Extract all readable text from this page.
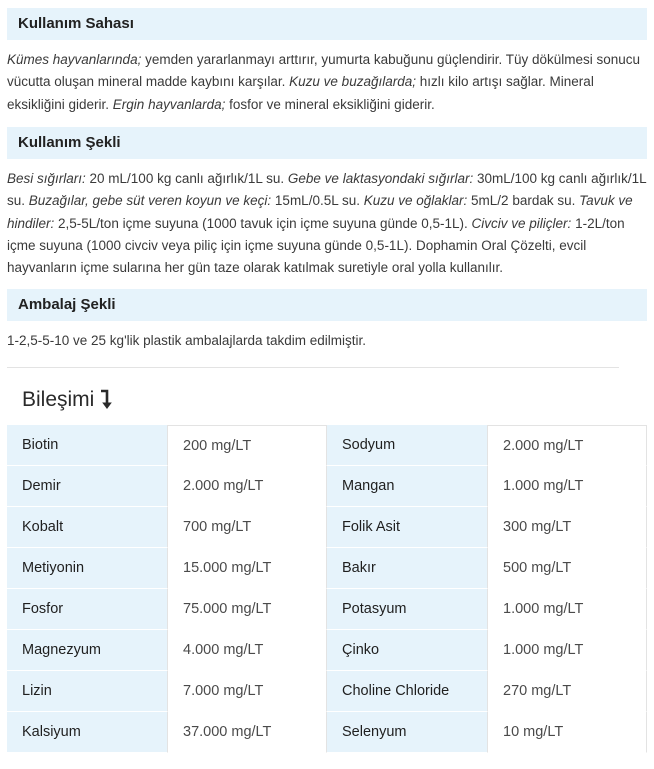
Kullanım Sahası

Kümes hayvanlarında; yemden yararlanmayı arttırır, yumurta kabuğunu güçlendirir. Tüy dökülmesi sonucu vücutta oluşan mineral madde kaybını karşılar. Kuzu ve buzağılarda; hızlı kilo artışı sağlar. Mineral eksikliğini giderir. Ergin hayvanlarda; fosfor ve mineral eksikliğini giderir.

Kullanım Şekli

Besi sığırları: 20 mL/100 kg canlı ağırlık/1L su. Gebe ve laktasyondaki sığırlar: 30mL/100 kg canlı ağırlık/1L su. Buzağılar, gebe süt veren koyun ve keçi: 15mL/0.5L su. Kuzu ve oğlaklar: 5mL/2 bardak su. Tavuk ve hindiler: 2,5-5L/ton içme suyuna (1000 tavuk için içme suyuna günde 0,5-1L). Civciv ve piliçler: 1-2L/ton içme suyuna (1000 civciv veya piliç için içme suyuna günde 0,5-1L). Dophamin Oral Çözelti, evcil hayvanların içme sularına her gün taze olarak katılmak suretiyle oral yolla kullanılır.

Ambalaj Şekli

1-2,5-5-10 ve 25 kg'lik plastik ambalajlarda takdim edilmiştir.

Bileşimi
Biotin	200 mg/LT	Sodyum	2.000 mg/LT
Demir	2.000 mg/LT	Mangan	1.000 mg/LT
Kobalt	700 mg/LT	Folik Asit	300 mg/LT
Metiyonin	15.000 mg/LT	Bakır	500 mg/LT
Fosfor	75.000 mg/LT	Potasyum	1.000 mg/LT
Magnezyum	4.000 mg/LT	Çinko	1.000 mg/LT
Lizin	7.000 mg/LT	Choline Chloride	270 mg/LT
Kalsiyum	37.000 mg/LT	Selenyum	10 mg/LT
